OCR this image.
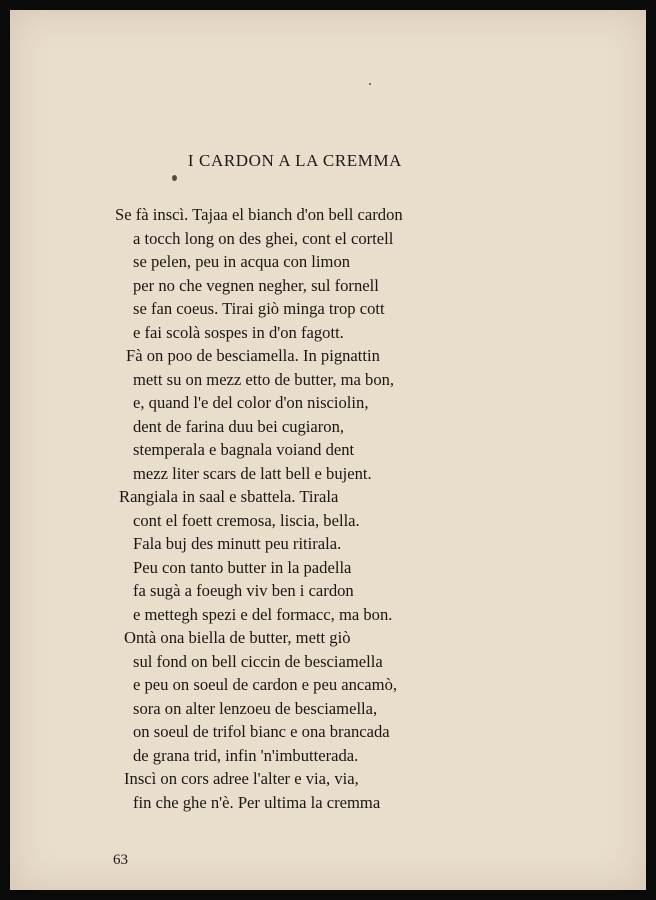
I CARDON A LA CREMMA
Se fà inscì. Tajaa el bianch d'on bell cardon
a tocch long on des ghei, cont el cortell
se pelen, peu in acqua con limon
per no che vegnen negher, sul fornell
se fan coeus. Tirai giò minga trop cott
e fai scolà sospes in d'on fagott.
Fà on poo de besciamella. In pignattin
mett su on mezz etto de butter, ma bon,
e, quand l'e del color d'on nisciolin,
dent de farina duu bei cugiaron,
stemperala e bagnala voiand dent
mezz liter scars de latt bell e bujent.
Rangiala in saal e sbattela. Tirala
cont el foett cremosa, liscia, bella.
Fala buj des minutt peu ritirala.
Peu con tanto butter in la padella
fa sugà a foeugh viv ben i cardon
e mettegh spezi e del formacc, ma bon.
Ontà ona biella de butter, mett giò
sul fond on bell ciccin de besciamella
e peu on soeul de cardon e peu ancamò,
sora on alter lenzoeu de besciamella,
on soeul de trifol bianc e ona brancada
de grana trid, infin 'n'imbutterada.
Inscì on cors adree l'alter e via, via,
fin che ghe n'è. Per ultima la cremma
63
